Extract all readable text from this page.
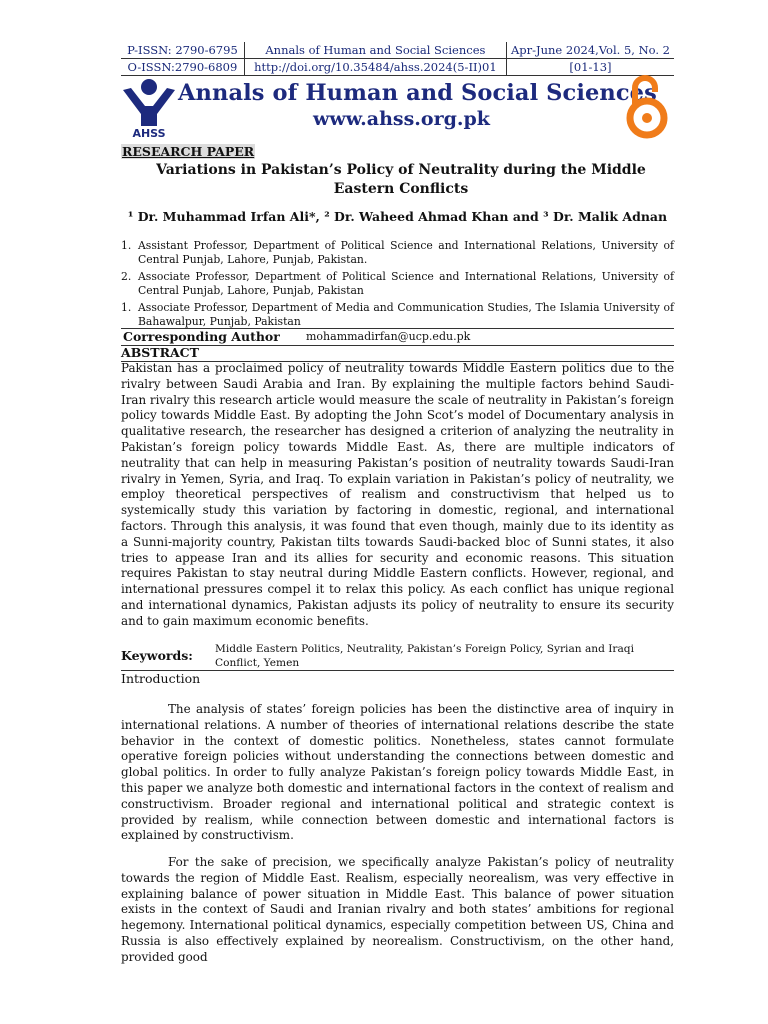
P-ISSN: 2790-6795	Annals of Human and Social Sciences	Apr-June 2024,Vol. 5, No. 2
O-ISSN:2790-6809	http://doi.org/10.35484/ahss.2024(5-II)01	[01-13]
AHSS
Annals of Human and Social Sciences
www.ahss.org.pk
RESEARCH PAPER
Variations in Pakistan’s Policy of Neutrality during the Middle Eastern Conflicts
¹ Dr. Muhammad Irfan Ali*, ² Dr. Waheed Ahmad Khan and ³ Dr. Malik Adnan
1. Assistant Professor, Department of Political Science and International Relations, University of Central Punjab, Lahore, Punjab, Pakistan.
2. Associate Professor, Department of Political Science and International Relations, University of Central Punjab, Lahore, Punjab, Pakistan
1. Associate Professor, Department of Media and Communication Studies, The Islamia University of Bahawalpur, Punjab, Pakistan
Corresponding Author mohammadirfan@ucp.edu.pk
ABSTRACT
Pakistan has a proclaimed policy of neutrality towards Middle Eastern politics due to the rivalry between Saudi Arabia and Iran. By explaining the multiple factors behind Saudi-Iran rivalry this research article would measure the scale of neutrality in Pakistan’s foreign policy towards Middle East. By adopting the John Scot’s model of Documentary analysis in qualitative research, the researcher has designed a criterion of analyzing the neutrality in Pakistan’s foreign policy towards Middle East. As, there are multiple indicators of neutrality that can help in measuring Pakistan’s position of neutrality towards Saudi-Iran rivalry in Yemen, Syria, and Iraq. To explain variation in Pakistan’s policy of neutrality, we employ theoretical perspectives of realism and constructivism that helped us to systemically study this variation by factoring in domestic, regional, and international factors. Through this analysis, it was found that even though, mainly due to its identity as a Sunni-majority country, Pakistan tilts towards Saudi-backed bloc of Sunni states, it also tries to appease Iran and its allies for security and economic reasons. This situation requires Pakistan to stay neutral during Middle Eastern conflicts. However, regional, and international pressures compel it to relax this policy. As each conflict has unique regional and international dynamics, Pakistan adjusts its policy of neutrality to ensure its security and to gain maximum economic benefits.
Keywords: Middle Eastern Politics, Neutrality, Pakistan’s Foreign Policy, Syrian and Iraqi Conflict, Yemen
Introduction
The analysis of states’ foreign policies has been the distinctive area of inquiry in international relations. A number of theories of international relations describe the state behavior in the context of domestic politics. Nonetheless, states cannot formulate operative foreign policies without understanding the connections between domestic and global politics. In order to fully analyze Pakistan’s foreign policy towards Middle East, in this paper we analyze both domestic and international factors in the context of realism and constructivism. Broader regional and international political and strategic context is provided by realism, while connection between domestic and international factors is explained by constructivism.
For the sake of precision, we specifically analyze Pakistan’s policy of neutrality towards the region of Middle East. Realism, especially neorealism, was very effective in explaining balance of power situation in Middle East. This balance of power situation exists in the context of Saudi and Iranian rivalry and both states’ ambitions for regional hegemony. International political dynamics, especially competition between US, China and Russia is also effectively explained by neorealism. Constructivism, on the other hand, provided good
